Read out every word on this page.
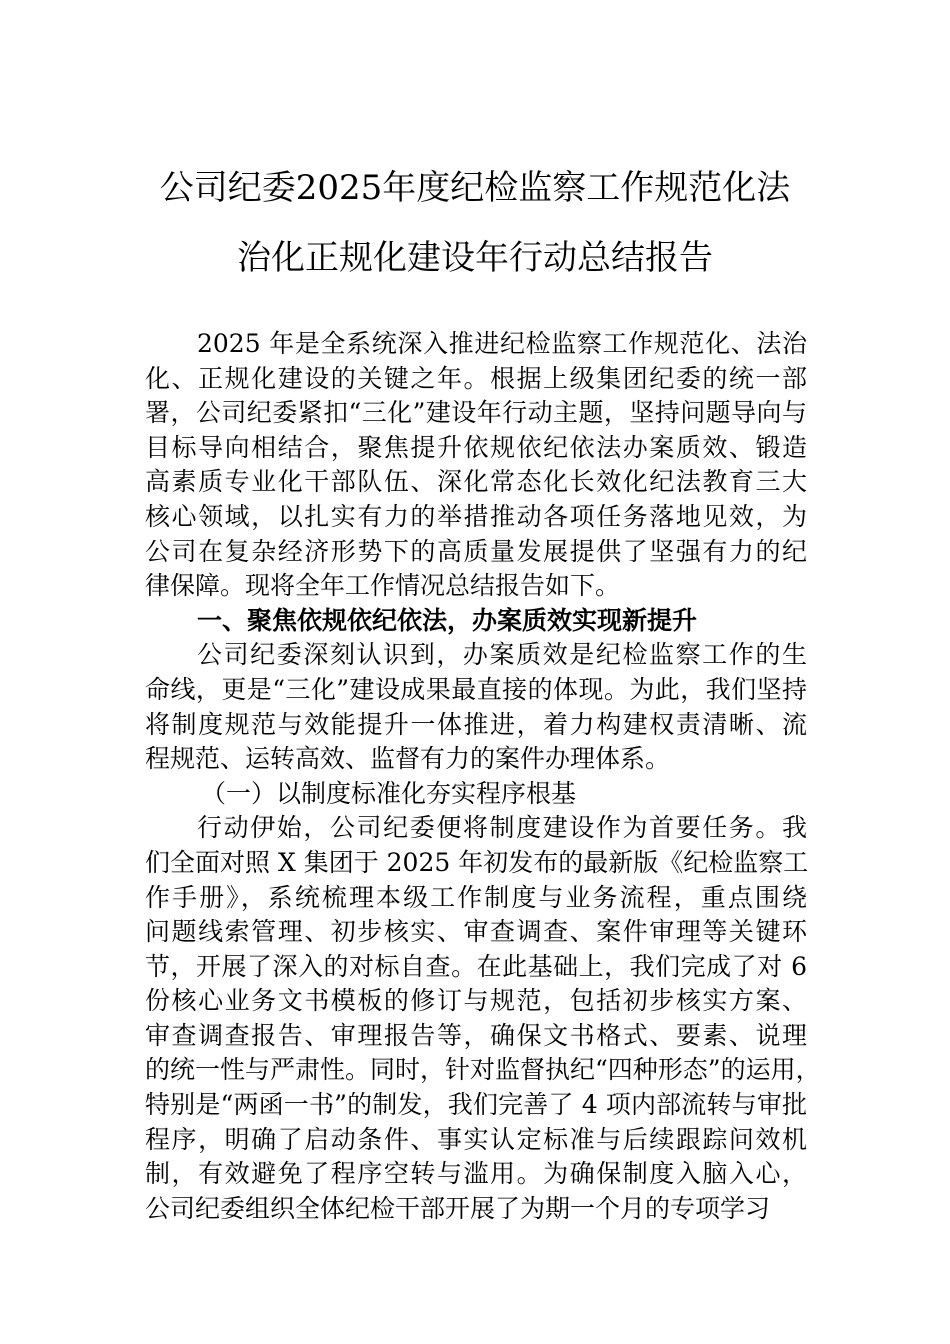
公司纪委2025年度纪检监察工作规范化法
治化正规化建设年行动总结报告
2025 年是全系统深入推进纪检监察工作规范化、法治
化、正规化建设的关键之年。根据上级集团纪委的统一部
署，公司纪委紧扣“三化”建设年行动主题，坚持问题导向与
目标导向相结合，聚焦提升依规依纪依法办案质效、锻造
高素质专业化干部队伍、深化常态化长效化纪法教育三大
核心领域，以扎实有力的举措推动各项任务落地见效，为
公司在复杂经济形势下的高质量发展提供了坚强有力的纪
律保障。现将全年工作情况总结报告如下。
一、聚焦依规依纪依法，办案质效实现新提升
公司纪委深刻认识到，办案质效是纪检监察工作的生
命线，更是“三化”建设成果最直接的体现。为此，我们坚持
将制度规范与效能提升一体推进，着力构建权责清晰、流
程规范、运转高效、监督有力的案件办理体系。
（一）以制度标准化夯实程序根基
行动伊始，公司纪委便将制度建设作为首要任务。我
们全面对照 X 集团于 2025 年初发布的最新版《纪检监察工
作手册》，系统梳理本级工作制度与业务流程，重点围绕
问题线索管理、初步核实、审查调查、案件审理等关键环
节，开展了深入的对标自查。在此基础上，我们完成了对 6
份核心业务文书模板的修订与规范，包括初步核实方案、
审查调查报告、审理报告等，确保文书格式、要素、说理
的统一性与严肃性。同时，针对监督执纪“四种形态”的运用，
特别是“两函一书”的制发，我们完善了 4 项内部流转与审批
程序，明确了启动条件、事实认定标准与后续跟踪问效机
制，有效避免了程序空转与滥用。为确保制度入脑入心，
公司纪委组织全体纪检干部开展了为期一个月的专项学习
